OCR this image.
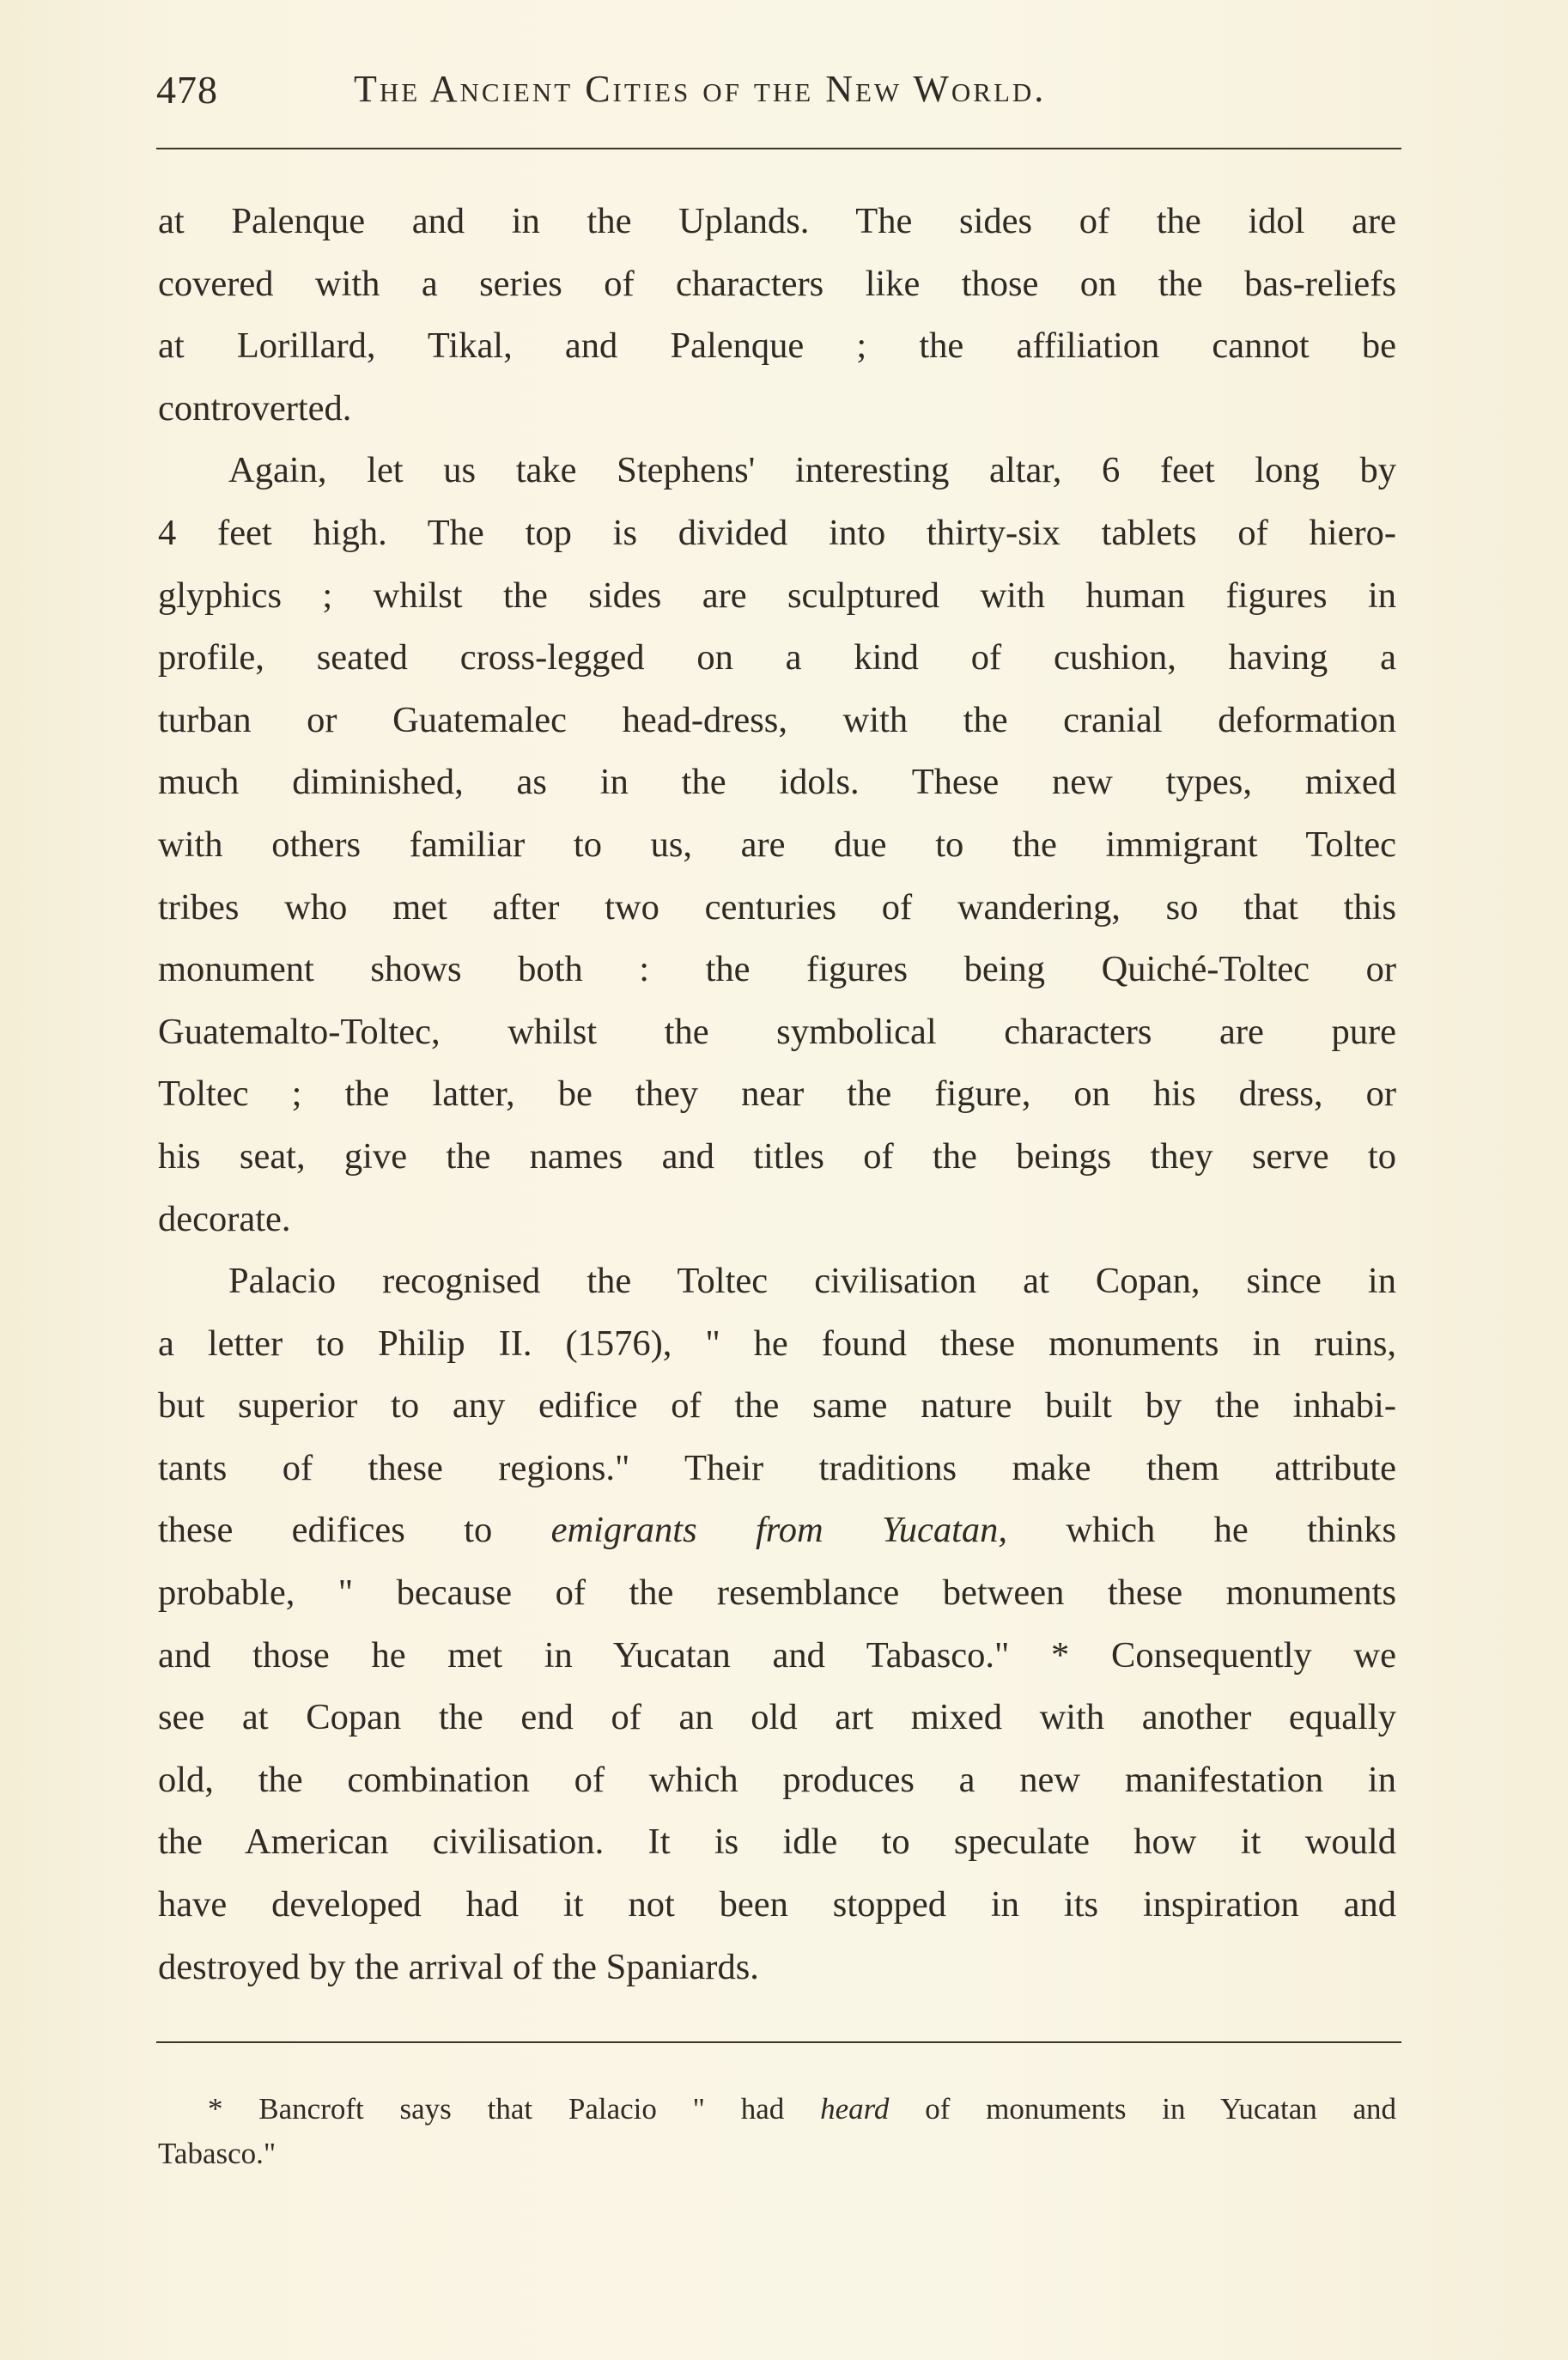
478	The Ancient Cities of the New World.
at Palenque and in the Uplands. The sides of the idol are
covered with a series of characters like those on the bas-reliefs
at Lorillard, Tikal, and Palenque ; the affiliation cannot be
controverted.
Again, let us take Stephens' interesting altar, 6 feet long by
4 feet high. The top is divided into thirty-six tablets of hiero-
glyphics ; whilst the sides are sculptured with human figures in
profile, seated cross-legged on a kind of cushion, having a
turban or Guatemalec head-dress, with the cranial deformation
much diminished, as in the idols. These new types, mixed
with others familiar to us, are due to the immigrant Toltec
tribes who met after two centuries of wandering, so that this
monument shows both : the figures being Quiché-Toltec or
Guatemalto-Toltec, whilst the symbolical characters are pure
Toltec ; the latter, be they near the figure, on his dress, or
his seat, give the names and titles of the beings they serve to
decorate.
Palacio recognised the Toltec civilisation at Copan, since in
a letter to Philip II. (1576), " he found these monuments in ruins,
but superior to any edifice of the same nature built by the inhabi-
tants of these regions." Their traditions make them attribute
these edifices to emigrants from Yucatan, which he thinks
probable, " because of the resemblance between these monuments
and those he met in Yucatan and Tabasco." * Consequently we
see at Copan the end of an old art mixed with another equally
old, the combination of which produces a new manifestation in
the American civilisation. It is idle to speculate how it would
have developed had it not been stopped in its inspiration and
destroyed by the arrival of the Spaniards.
* Bancroft says that Palacio " had heard of monuments in Yucatan and
Tabasco."
